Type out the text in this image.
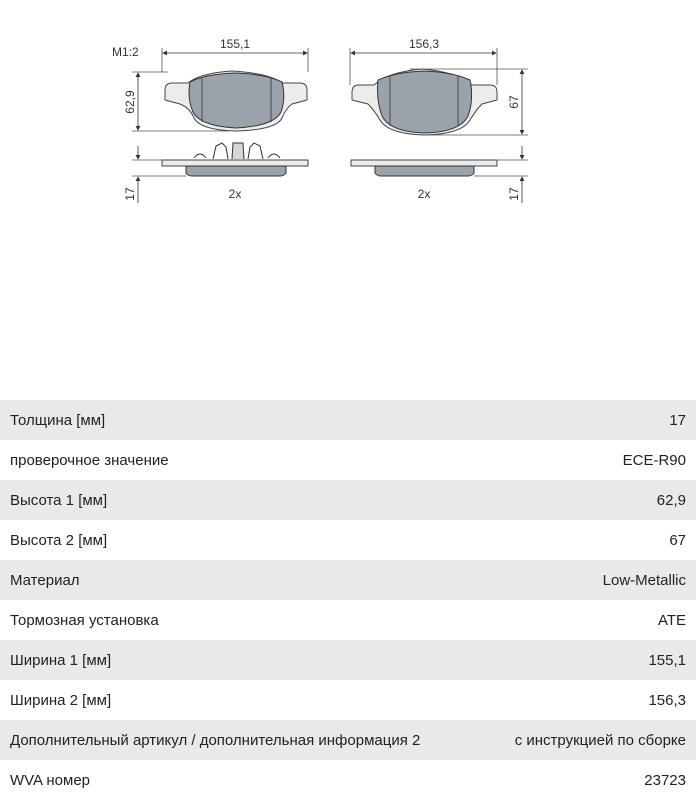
M1:2
155,1
62,9
17	2x
156,3
67
17
2x
Толщина [мм]	17
проверочное значение	ECE-R90
Высота 1 [мм]	62,9
Высота 2 [мм]	67
Материал	Low-Metallic
Тормозная установка	ATE
Ширина 1 [мм]	155,1
Ширина 2 [мм]	156,3
Дополнительный артикул / дополнительная информация 2	с инструкцией по сборке
WVA номер	23723
